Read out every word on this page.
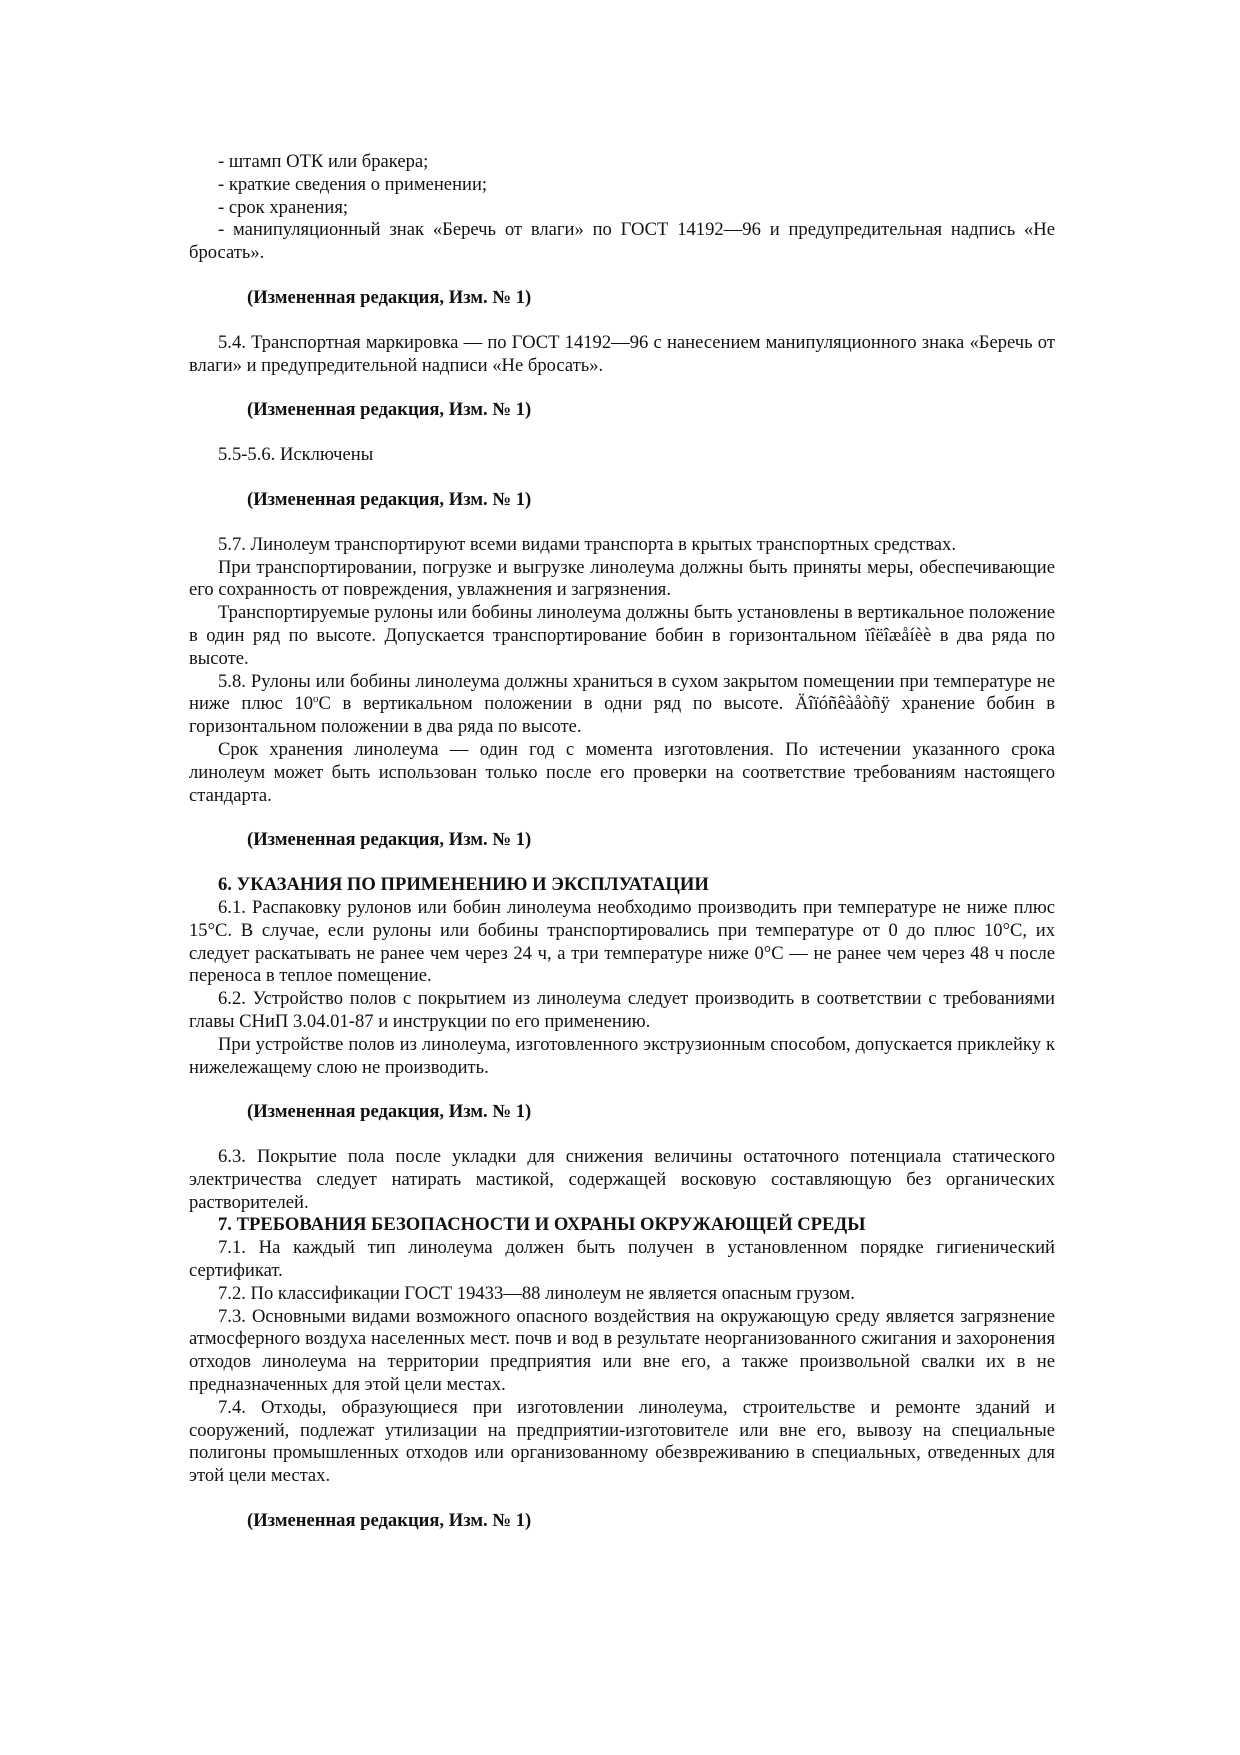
- штамп ОТК или бракера;

- краткие сведения о применении;

- срок хранения;

- манипуляционный знак «Беречь от влаги» по ГОСТ 14192—96 и предупредительная надпись «Не бросать».

(Измененная редакция, Изм. № 1)

5.4. Транспортная маркировка — по ГОСТ 14192—96 с нанесением манипуляционного знака «Беречь от влаги» и предупредительной надписи «Не бросать».

(Измененная редакция, Изм. № 1)

5.5-5.6. Исключены

(Измененная редакция, Изм. № 1)

5.7. Линолеум транспортируют всеми видами транспорта в крытых транспортных средствах.

При транспортировании, погрузке и выгрузке линолеума должны быть приняты меры, обеспечивающие его сохранность от повреждения, увлажнения и загрязнения.

Транспортируемые рулоны или бобины линолеума должны быть установлены в вертикальное положение в один ряд по высоте. Допускается транспортирование бобин в горизонтальном ïîëîæåíèè в два ряда по высоте.

5.8. Рулоны или бобины линолеума должны храниться в сухом закрытом помещении при температуре не ниже плюс $10^оС$ в вертикальном положении в одни ряд по высоте. Äîïóñêàåòñÿ хранение бобин в горизонтальном положении в два ряда по высоте.

Срок хранения линолеума — один год с момента изготовления. По истечении указанного срока линолеум может быть использован только после его проверки на соответствие требованиям настоящего стандарта.

(Измененная редакция, Изм. № 1)

6. УКАЗАНИЯ ПО ПРИМЕНЕНИЮ И ЭКСПЛУАТАЦИИ

6.1. Распаковку рулонов или бобин линолеума необходимо производить при температуре не ниже плюс 15°С. В случае, если рулоны или бобины транспортировались при температуре от 0 до плюс 10°С, их следует раскатывать не ранее чем через 24 ч, а три температуре ниже 0°С — не ранее чем через 48 ч после переноса в теплое помещение.

6.2. Устройство полов с покрытием из линолеума следует производить в соответствии с требованиями главы СНиП 3.04.01-87 и инструкции по его применению.

При устройстве полов из линолеума, изготовленного экструзионным способом, допускается приклейку к нижележащему слою не производить.

(Измененная редакция, Изм. № 1)

6.3. Покрытие пола после укладки для снижения величины остаточного потенциала статического электричества следует натирать мастикой, содержащей восковую составляющую без органических растворителей.

7. ТРЕБОВАНИЯ БЕЗОПАСНОСТИ И ОХРАНЫ ОКРУЖАЮЩЕЙ СРЕДЫ

7.1. На каждый тип линолеума должен быть получен в установленном порядке гигиенический сертификат.

7.2. По классификации ГОСТ 19433—88 линолеум не является опасным грузом.

7.3. Основными видами возможного опасного воздействия на окружающую среду является загрязнение атмосферного воздуха населенных мест. почв и вод в результате неорганизованного сжигания и захоронения отходов линолеума на территории предприятия или вне его, а также произвольной свалки их в не предназначенных для этой цели местах.

7.4. Отходы, образующиеся при изготовлении линолеума, строительстве и ремонте зданий и сооружений, подлежат утилизации на предприятии-изготовителе или вне его, вывозу на специальные полигоны промышленных отходов или организованному обезвреживанию в специальных, отведенных для этой цели местах.

(Измененная редакция, Изм. № 1)
